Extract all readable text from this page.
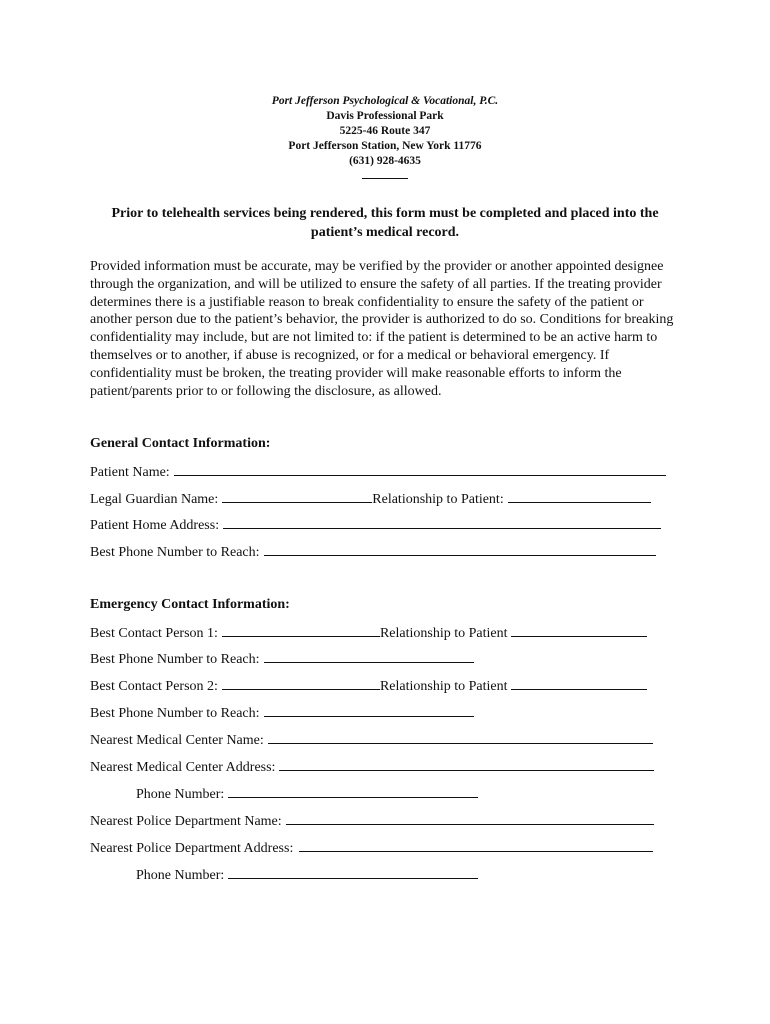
Port Jefferson Psychological & Vocational, P.C.
Davis Professional Park
5225-46 Route 347
Port Jefferson Station, New York 11776
(631) 928-4635
Prior to telehealth services being rendered, this form must be completed and placed into the patient’s medical record.
Provided information must be accurate, may be verified by the provider or another appointed designee through the organization, and will be utilized to ensure the safety of all parties. If the treating provider determines there is a justifiable reason to break confidentiality to ensure the safety of the patient or another person due to the patient’s behavior, the provider is authorized to do so. Conditions for breaking confidentiality may include, but are not limited to: if the patient is determined to be an active harm to themselves or to another, if abuse is recognized, or for a medical or behavioral emergency. If confidentiality must be broken, the treating provider will make reasonable efforts to inform the patient/parents prior to or following the disclosure, as allowed.
General Contact Information:
Patient Name:
Legal Guardian Name:	Relationship to Patient:
Patient Home Address:
Best Phone Number to Reach:
Emergency Contact Information:
Best Contact Person 1:	Relationship to Patient
Best Phone Number to Reach:
Best Contact Person 2:	Relationship to Patient
Best Phone Number to Reach:
Nearest Medical Center Name:
Nearest Medical Center Address:
Phone Number:
Nearest Police Department Name:
Nearest Police Department Address:
Phone Number:
